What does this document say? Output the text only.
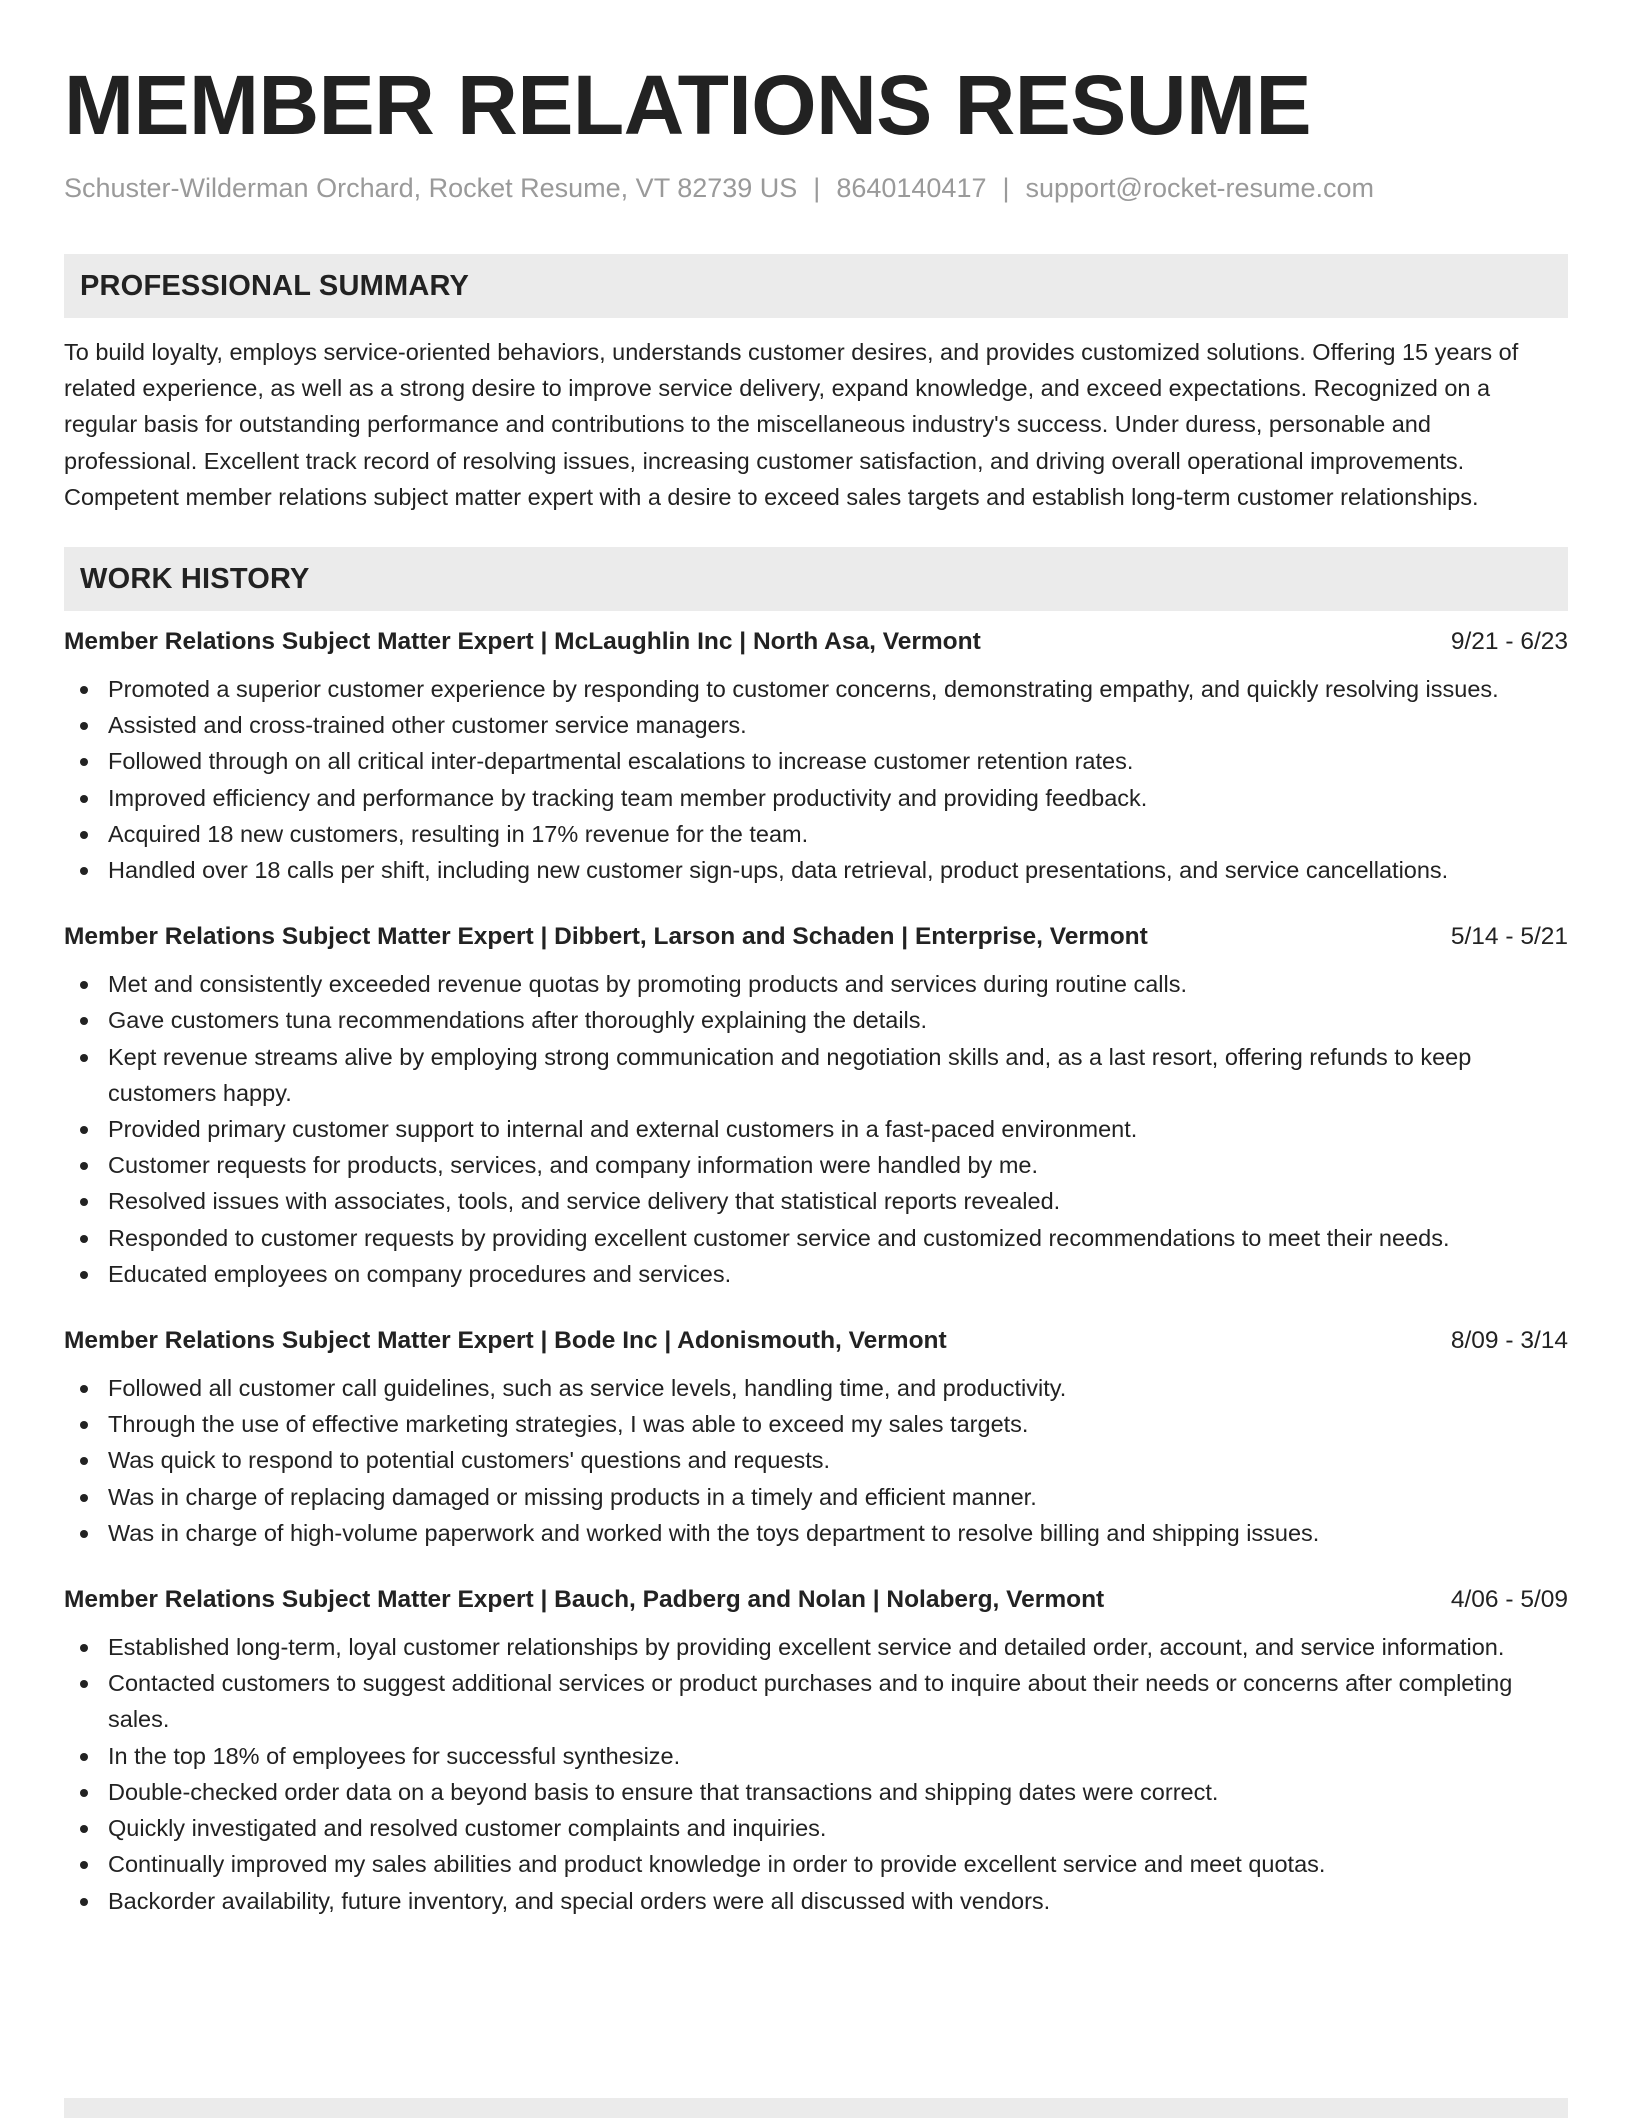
MEMBER RELATIONS RESUME
Schuster-Wilderman Orchard, Rocket Resume, VT 82739 US | 8640140417 | support@rocket-resume.com
PROFESSIONAL SUMMARY

To build loyalty, employs service-oriented behaviors, understands customer desires, and provides customized solutions. Offering 15 years of related experience, as well as a strong desire to improve service delivery, expand knowledge, and exceed expectations. Recognized on a regular basis for outstanding performance and contributions to the miscellaneous industry's success. Under duress, personable and professional. Excellent track record of resolving issues, increasing customer satisfaction, and driving overall operational improvements. Competent member relations subject matter expert with a desire to exceed sales targets and establish long-term customer relationships.

WORK HISTORY
Member Relations Subject Matter Expert | McLaughlin Inc | North Asa, Vermont	9/21 - 6/23
Promoted a superior customer experience by responding to customer concerns, demonstrating empathy, and quickly resolving issues.
Assisted and cross-trained other customer service managers.
Followed through on all critical inter-departmental escalations to increase customer retention rates.
Improved efficiency and performance by tracking team member productivity and providing feedback.
Acquired 18 new customers, resulting in 17% revenue for the team.
Handled over 18 calls per shift, including new customer sign-ups, data retrieval, product presentations, and service cancellations.
Member Relations Subject Matter Expert | Dibbert, Larson and Schaden | Enterprise, Vermont	5/14 - 5/21
Met and consistently exceeded revenue quotas by promoting products and services during routine calls.
Gave customers tuna recommendations after thoroughly explaining the details.
Kept revenue streams alive by employing strong communication and negotiation skills and, as a last resort, offering refunds to keep customers happy.
Provided primary customer support to internal and external customers in a fast-paced environment.
Customer requests for products, services, and company information were handled by me.
Resolved issues with associates, tools, and service delivery that statistical reports revealed.
Responded to customer requests by providing excellent customer service and customized recommendations to meet their needs.
Educated employees on company procedures and services.
Member Relations Subject Matter Expert | Bode Inc | Adonismouth, Vermont	8/09 - 3/14
Followed all customer call guidelines, such as service levels, handling time, and productivity.
Through the use of effective marketing strategies, I was able to exceed my sales targets.
Was quick to respond to potential customers' questions and requests.
Was in charge of replacing damaged or missing products in a timely and efficient manner.
Was in charge of high-volume paperwork and worked with the toys department to resolve billing and shipping issues.
Member Relations Subject Matter Expert | Bauch, Padberg and Nolan | Nolaberg, Vermont	4/06 - 5/09
Established long-term, loyal customer relationships by providing excellent service and detailed order, account, and service information.
Contacted customers to suggest additional services or product purchases and to inquire about their needs or concerns after completing sales.
In the top 18% of employees for successful synthesize.
Double-checked order data on a beyond basis to ensure that transactions and shipping dates were correct.
Quickly investigated and resolved customer complaints and inquiries.
Continually improved my sales abilities and product knowledge in order to provide excellent service and meet quotas.
Backorder availability, future inventory, and special orders were all discussed with vendors.
